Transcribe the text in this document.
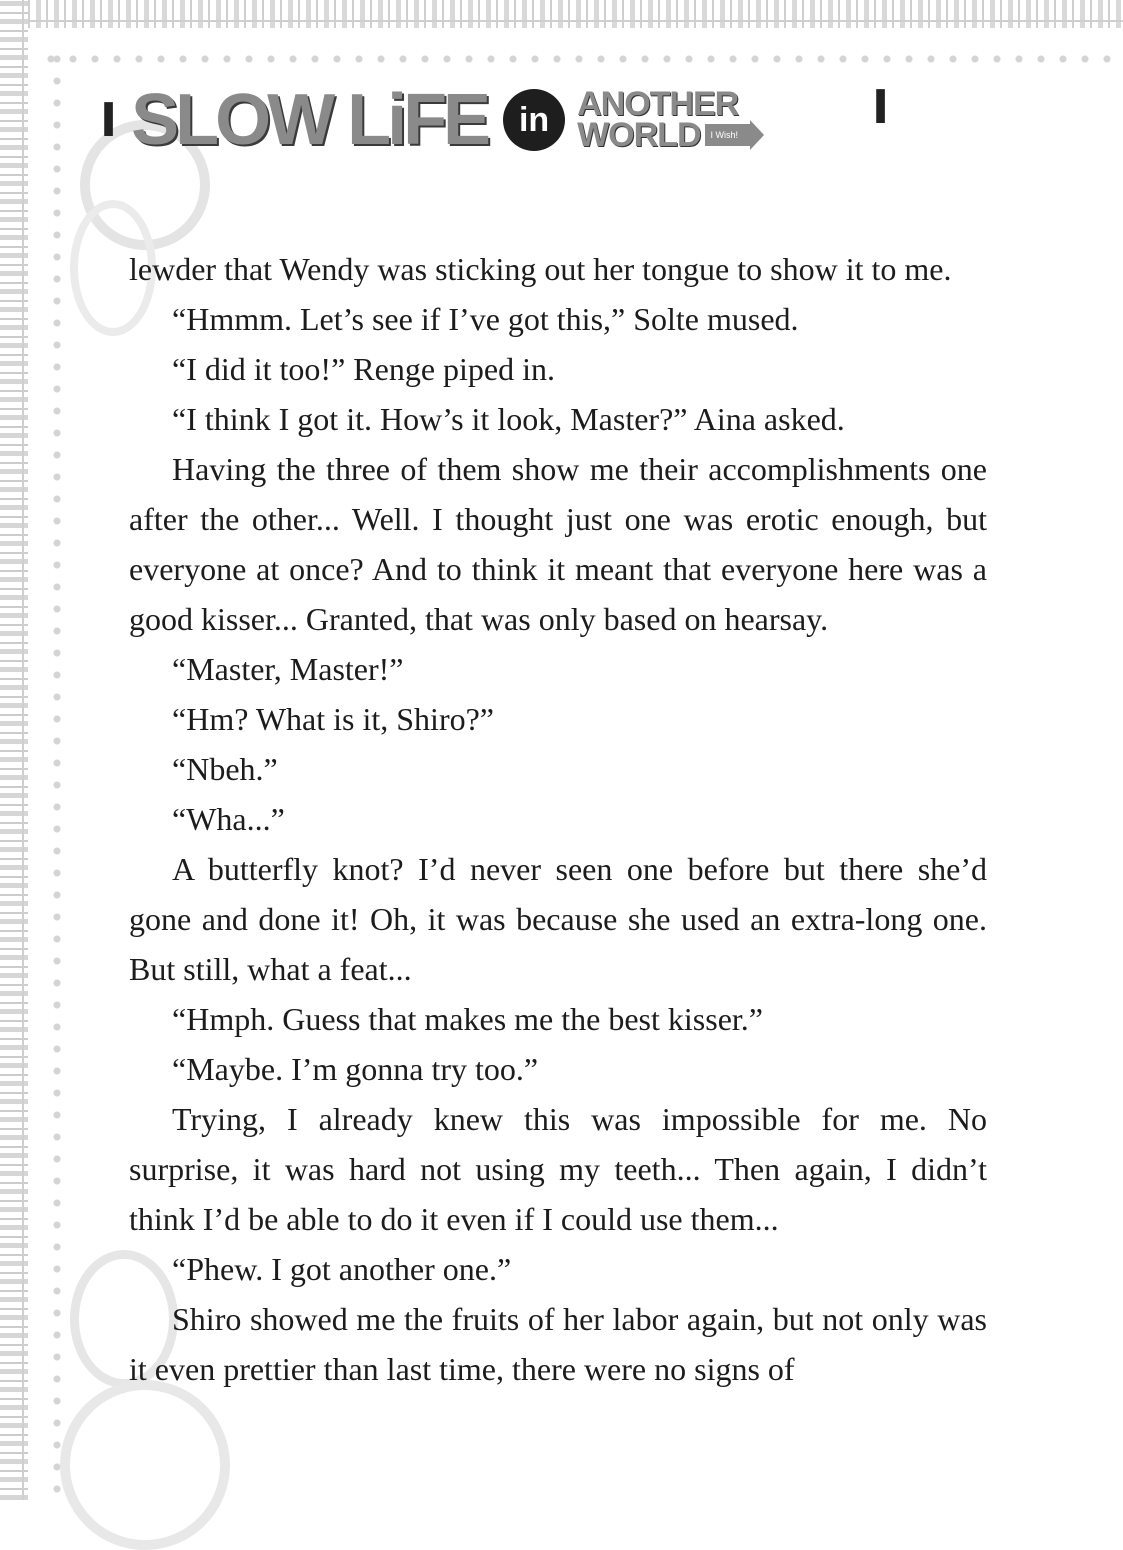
I SLOW LiFE in ANOTHER
WORLD	I Wish!
I

lewder that Wendy was sticking out her tongue to show it to me.

“Hmmm. Let’s see if I’ve got this,” Solte mused.

“I did it too!” Renge piped in.

“I think I got it. How’s it look, Master?” Aina asked.

Having the three of them show me their accomplishments one after the other... Well. I thought just one was erotic enough, but everyone at once? And to think it meant that everyone here was a good kisser... Granted, that was only based on hearsay.

“Master, Master!”

“Hm? What is it, Shiro?”

“Nbeh.”

“Wha...”

A butterfly knot? I’d never seen one before but there she’d gone and done it! Oh, it was because she used an extra-long one. But still, what a feat...

“Hmph. Guess that makes me the best kisser.”

“Maybe. I’m gonna try too.”

Trying, I already knew this was impossible for me. No surprise, it was hard not using my teeth... Then again, I didn’t think I’d be able to do it even if I could use them...

“Phew. I got another one.”

Shiro showed me the fruits of her labor again, but not only was it even prettier than last time, there were no signs of
